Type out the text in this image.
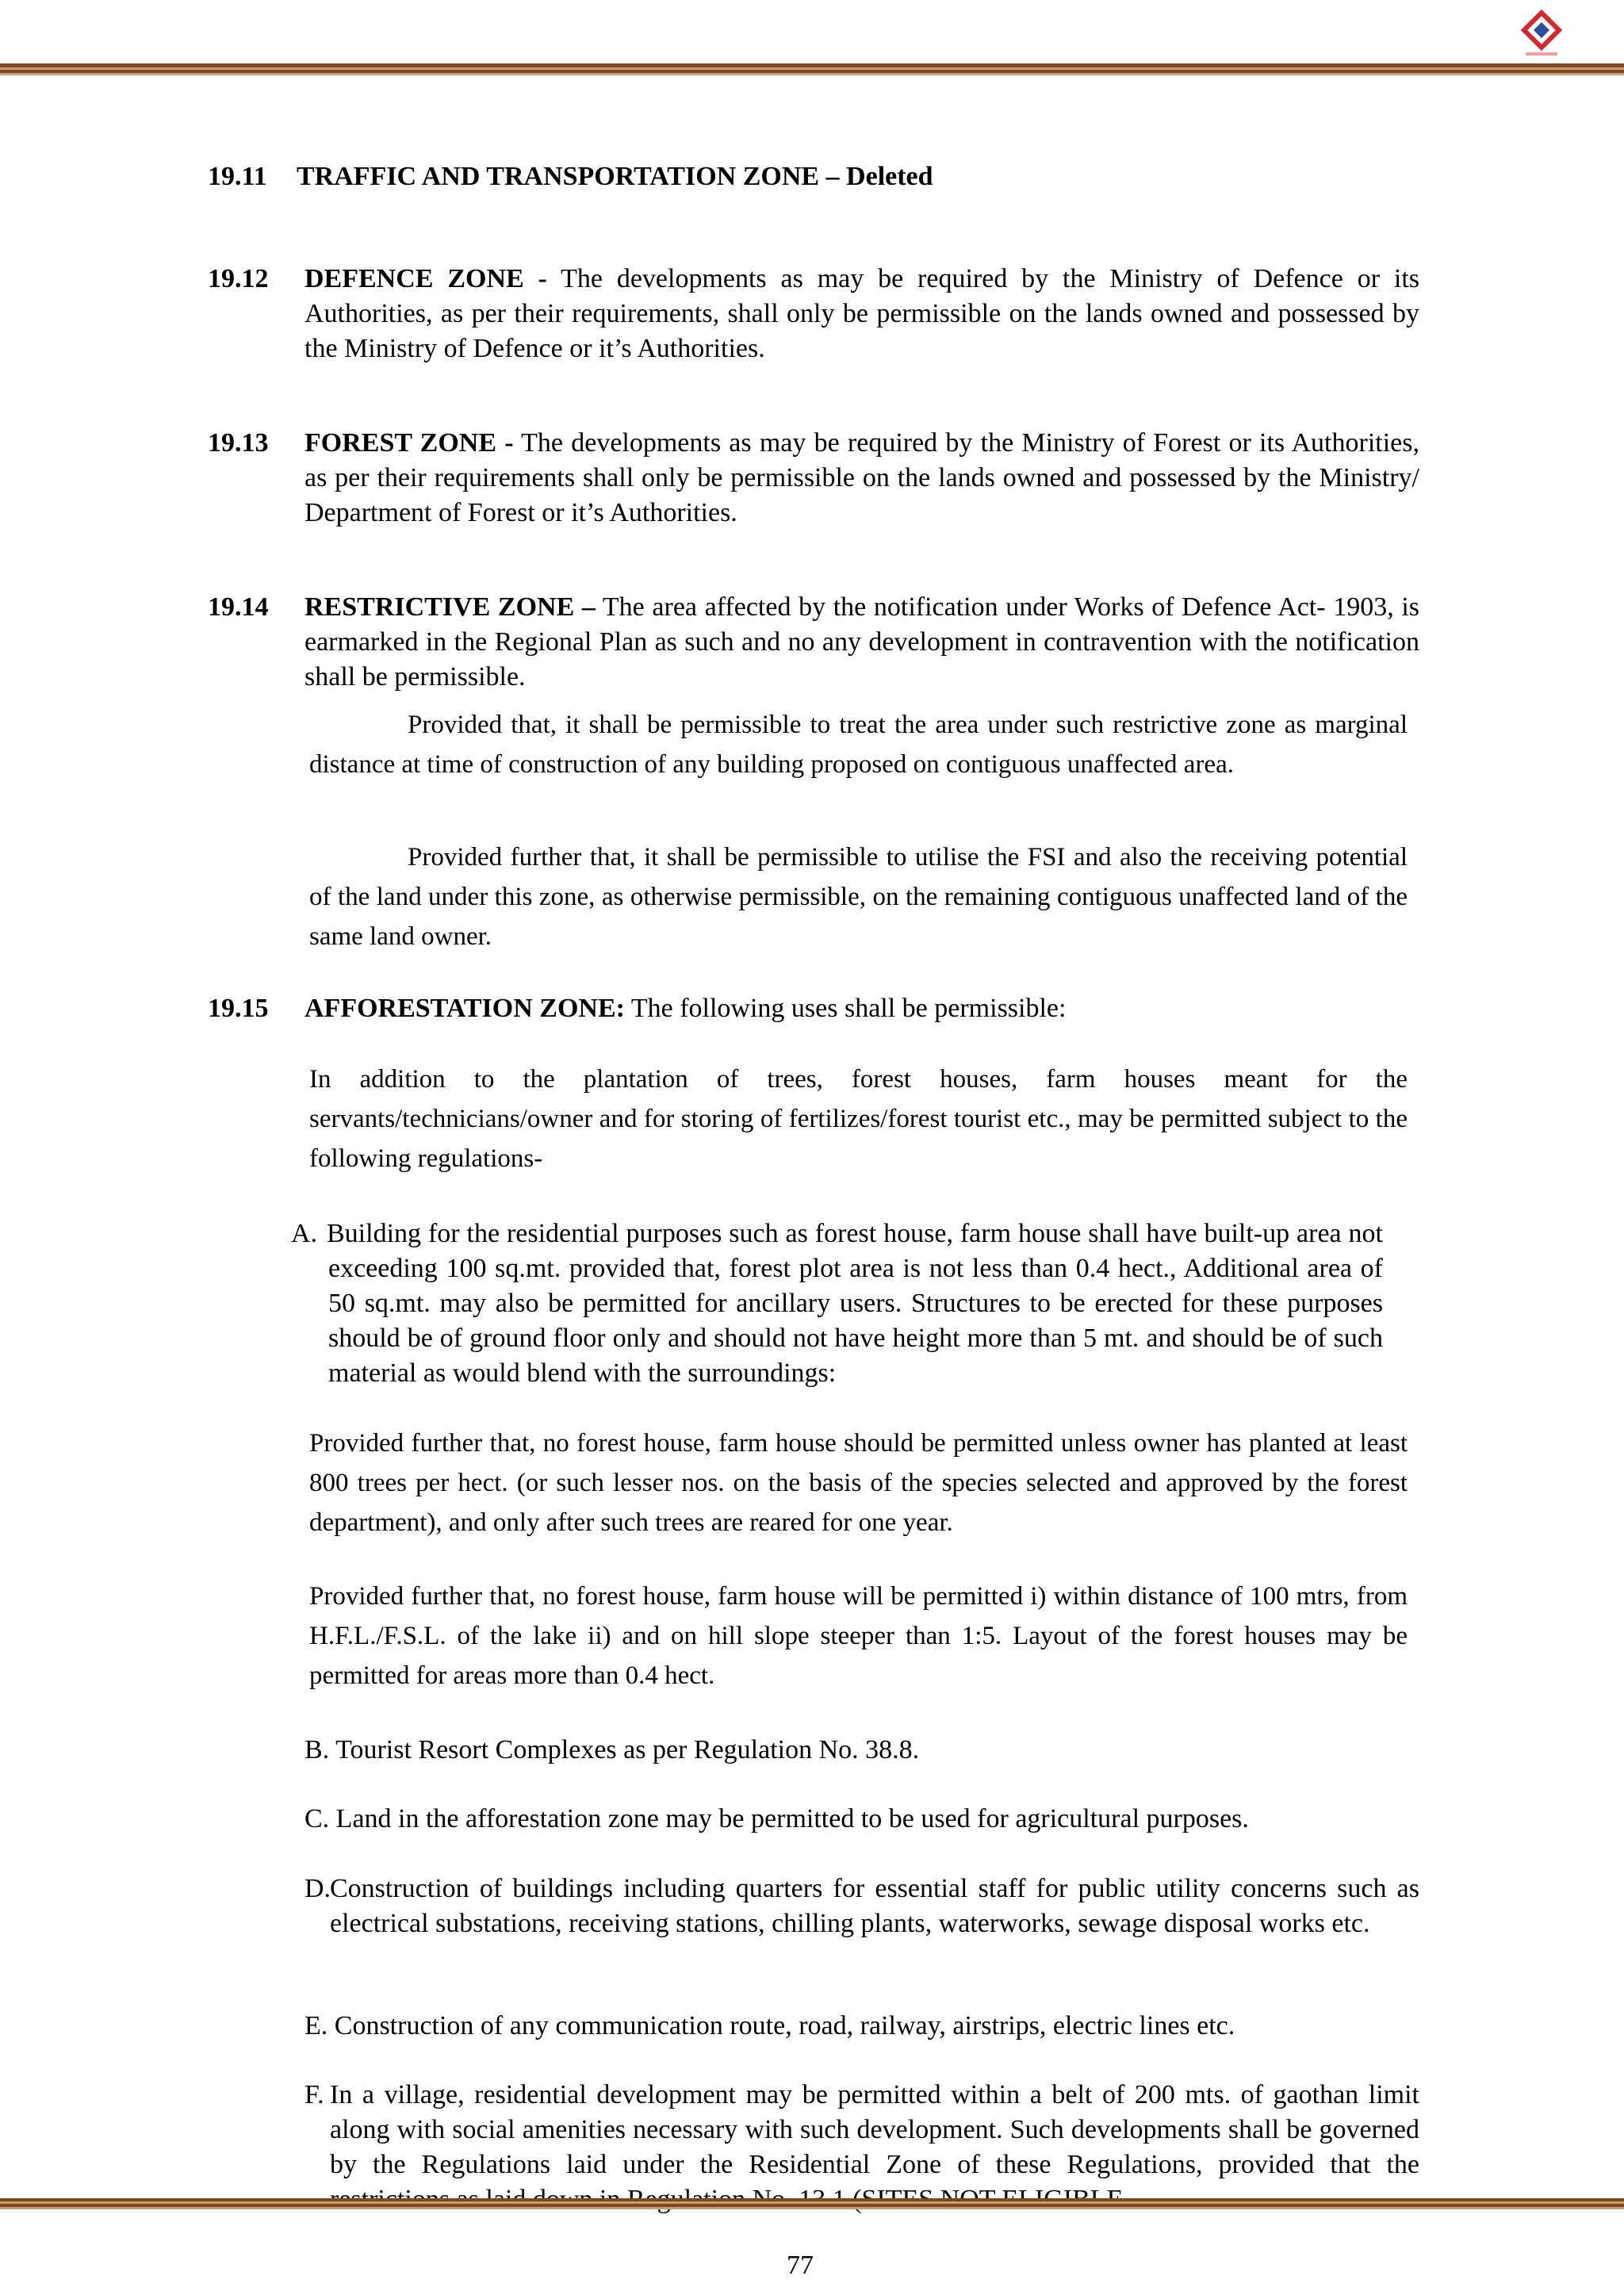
19.11 TRAFFIC AND TRANSPORTATION ZONE – Deleted
19.12 DEFENCE ZONE - The developments as may be required by the Ministry of Defence or its Authorities, as per their requirements, shall only be permissible on the lands owned and possessed by the Ministry of Defence or it’s Authorities.
19.13 FOREST ZONE - The developments as may be required by the Ministry of Forest or its Authorities, as per their requirements shall only be permissible on the lands owned and possessed by the Ministry/ Department of Forest or it’s Authorities.
19.14 RESTRICTIVE ZONE – The area affected by the notification under Works of Defence Act- 1903, is earmarked in the Regional Plan as such and no any development in contravention with the notification shall be permissible.
Provided that, it shall be permissible to treat the area under such restrictive zone as marginal distance at time of construction of any building proposed on contiguous unaffected area.
Provided further that, it shall be permissible to utilise the FSI and also the receiving potential of the land under this zone, as otherwise permissible, on the remaining contiguous unaffected land of the same land owner.
19.15 AFFORESTATION ZONE: The following uses shall be permissible:
In addition to the plantation of trees, forest houses, farm houses meant for the servants/technicians/owner and for storing of fertilizes/forest tourist etc., may be permitted subject to the following regulations-
A. Building for the residential purposes such as forest house, farm house shall have built-up area not exceeding 100 sq.mt. provided that, forest plot area is not less than 0.4 hect., Additional area of 50 sq.mt. may also be permitted for ancillary users. Structures to be erected for these purposes should be of ground floor only and should not have height more than 5 mt. and should be of such material as would blend with the surroundings:
Provided further that, no forest house, farm house should be permitted unless owner has planted at least 800 trees per hect. (or such lesser nos. on the basis of the species selected and approved by the forest department), and only after such trees are reared for one year.
Provided further that, no forest house, farm house will be permitted i) within distance of 100 mtrs, from H.F.L./F.S.L. of the lake ii) and on hill slope steeper than 1:5. Layout of the forest houses may be permitted for areas more than 0.4 hect.
B. Tourist Resort Complexes as per Regulation No. 38.8.
C. Land in the afforestation zone may be permitted to be used for agricultural purposes.
D.
Construction of buildings including quarters for essential staff for public utility concerns such as electrical substations, receiving stations, chilling plants, waterworks, sewage disposal works etc.
E. Construction of any communication route, road, railway, airstrips, electric lines etc.
F. In a village, residential development may be permitted within a belt of 200 mts. of gaothan limit along with social amenities necessary with such development. Such developments shall be governed by the Regulations laid under the Residential Zone of these Regulations, provided that the
77
